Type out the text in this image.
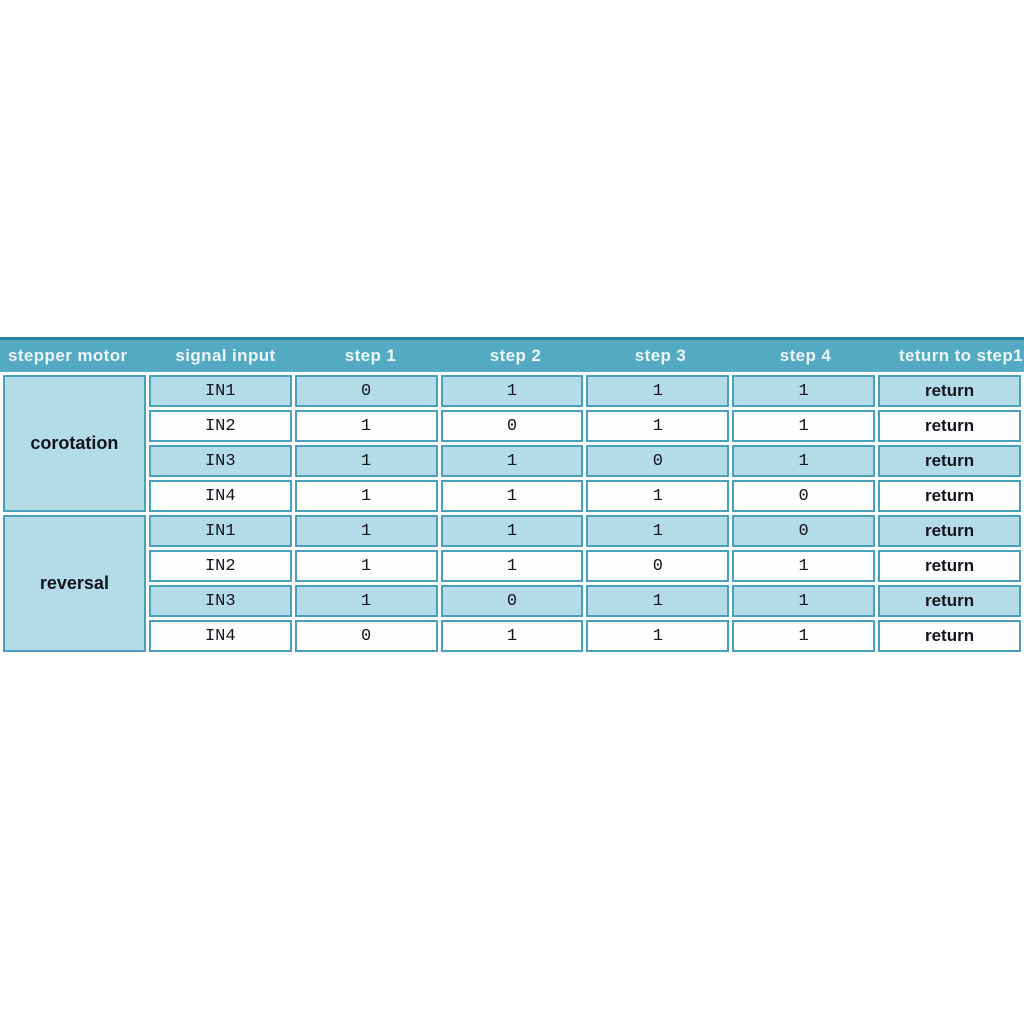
stepper motor	signal input	step 1	step 2	step 3	step 4	teturn to step1
corotation	IN1	0	1	1	1	return
	IN2	1	0	1	1	return
	IN3	1	1	0	1	return
	IN4	1	1	1	0	return
reversal	IN1	1	1	1	0	return
	IN2	1	1	0	1	return
	IN3	1	0	1	1	return
	IN4	0	1	1	1	return
